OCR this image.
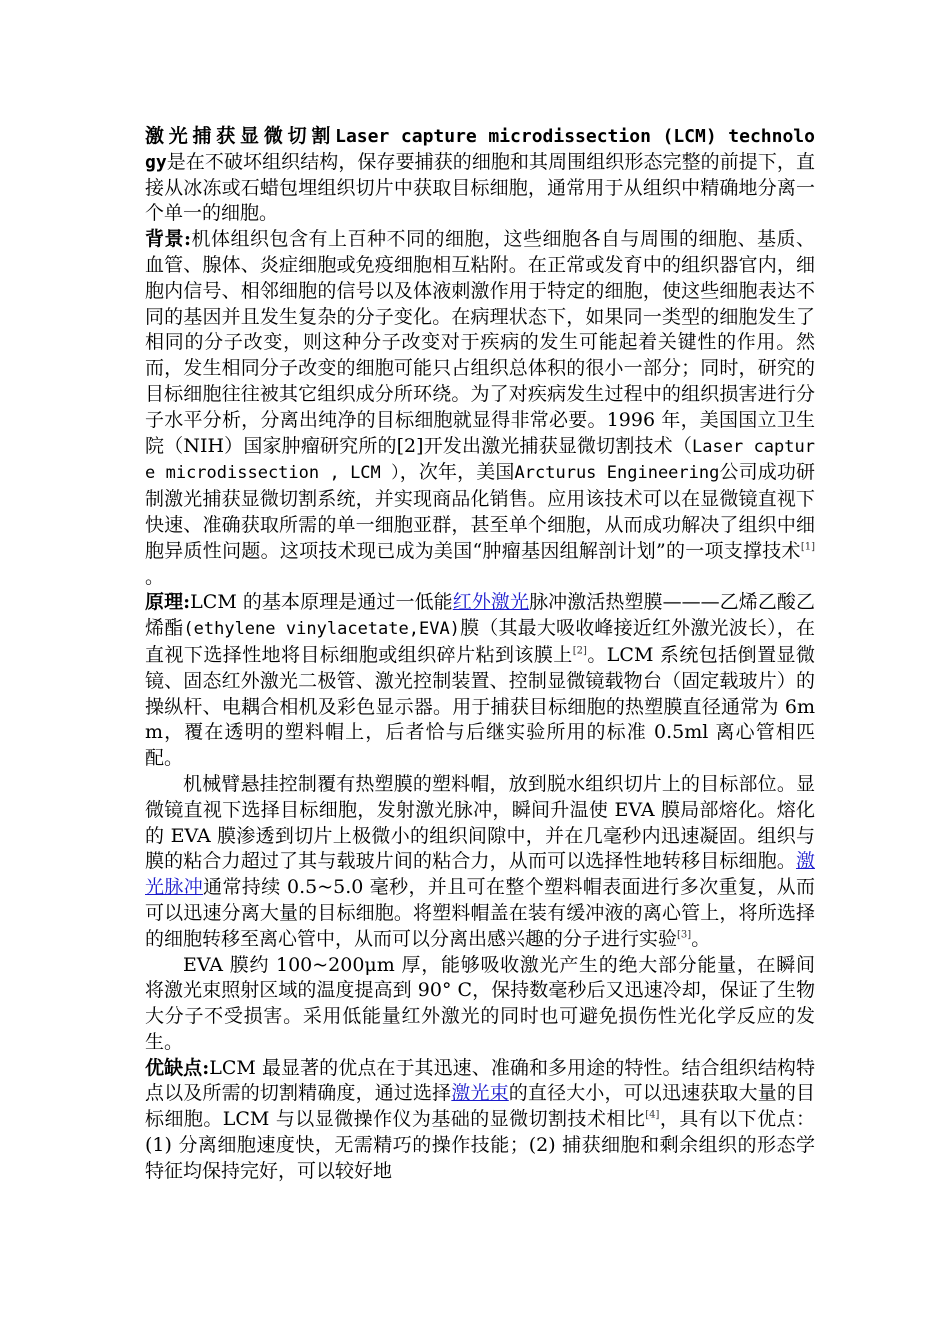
激光捕获显微切割Laser capture microdissection (LCM) technology是在不破坏组织结构，保存要捕获的细胞和其周围组织形态完整的前提下，直接从冰冻或石蜡包埋组织切片中获取目标细胞，通常用于从组织中精确地分离一个单一的细胞。

背景:机体组织包含有上百种不同的细胞，这些细胞各自与周围的细胞、基质、血管、腺体、炎症细胞或免疫细胞相互粘附。在正常或发育中的组织器官内，细胞内信号、相邻细胞的信号以及体液刺激作用于特定的细胞，使这些细胞表达不同的基因并且发生复杂的分子变化。在病理状态下，如果同一类型的细胞发生了相同的分子改变，则这种分子改变对于疾病的发生可能起着关键性的作用。然而，发生相同分子改变的细胞可能只占组织总体积的很小一部分；同时，研究的目标细胞往往被其它组织成分所环绕。为了对疾病发生过程中的组织损害进行分子水平分析，分离出纯净的目标细胞就显得非常必要。1996 年，美国国立卫生院（NIH）国家肿瘤研究所的[2]开发出激光捕获显微切割技术（Laser capture microdissection , LCM ），次年，美国Arcturus Engineering公司成功研制激光捕获显微切割系统，并实现商品化销售。应用该技术可以在显微镜直视下快速、准确获取所需的单一细胞亚群，甚至单个细胞，从而成功解决了组织中细胞异质性问题。这项技术现已成为美国“肿瘤基因组解剖计划”的一项支撑技术[1]　　。

原理:LCM 的基本原理是通过一低能红外激光脉冲激活热塑膜———乙烯乙酸乙烯酯(ethylene vinylacetate,EVA)膜（其最大吸收峰接近红外激光波长），在直视下选择性地将目标细胞或组织碎片粘到该膜上[2]。LCM 系统包括倒置显微镜、固态红外激光二极管、激光控制装置、控制显微镜载物台（固定载玻片）的操纵杆、电耦合相机及彩色显示器。用于捕获目标细胞的热塑膜直径通常为 6mm，覆在透明的塑料帽上，后者恰与后继实验所用的标准 0.5ml 离心管相匹配。

机械臂悬挂控制覆有热塑膜的塑料帽，放到脱水组织切片上的目标部位。显微镜直视下选择目标细胞，发射激光脉冲，瞬间升温使 EVA 膜局部熔化。熔化的 EVA 膜渗透到切片上极微小的组织间隙中，并在几毫秒内迅速凝固。组织与膜的粘合力超过了其与载玻片间的粘合力，从而可以选择性地转移目标细胞。激光脉冲通常持续 0.5~5.0 毫秒，并且可在整个塑料帽表面进行多次重复，从而可以迅速分离大量的目标细胞。将塑料帽盖在装有缓冲液的离心管上，将所选择的细胞转移至离心管中，从而可以分离出感兴趣的分子进行实验[3]。

EVA 膜约 100~200μm 厚，能够吸收激光产生的绝大部分能量，在瞬间将激光束照射区域的温度提高到 90° C，保持数毫秒后又迅速冷却，保证了生物大分子不受损害。采用低能量红外激光的同时也可避免损伤性光化学反应的发生。

优缺点:LCM 最显著的优点在于其迅速、准确和多用途的特性。结合组织结构特点以及所需的切割精确度，通过选择激光束的直径大小，可以迅速获取大量的目标细胞。LCM 与以显微操作仪为基础的显微切割技术相比[4]，具有以下优点：(1) 分离细胞速度快，无需精巧的操作技能；(2) 捕获细胞和剩余组织的形态学特征均保持完好，可以较好地
